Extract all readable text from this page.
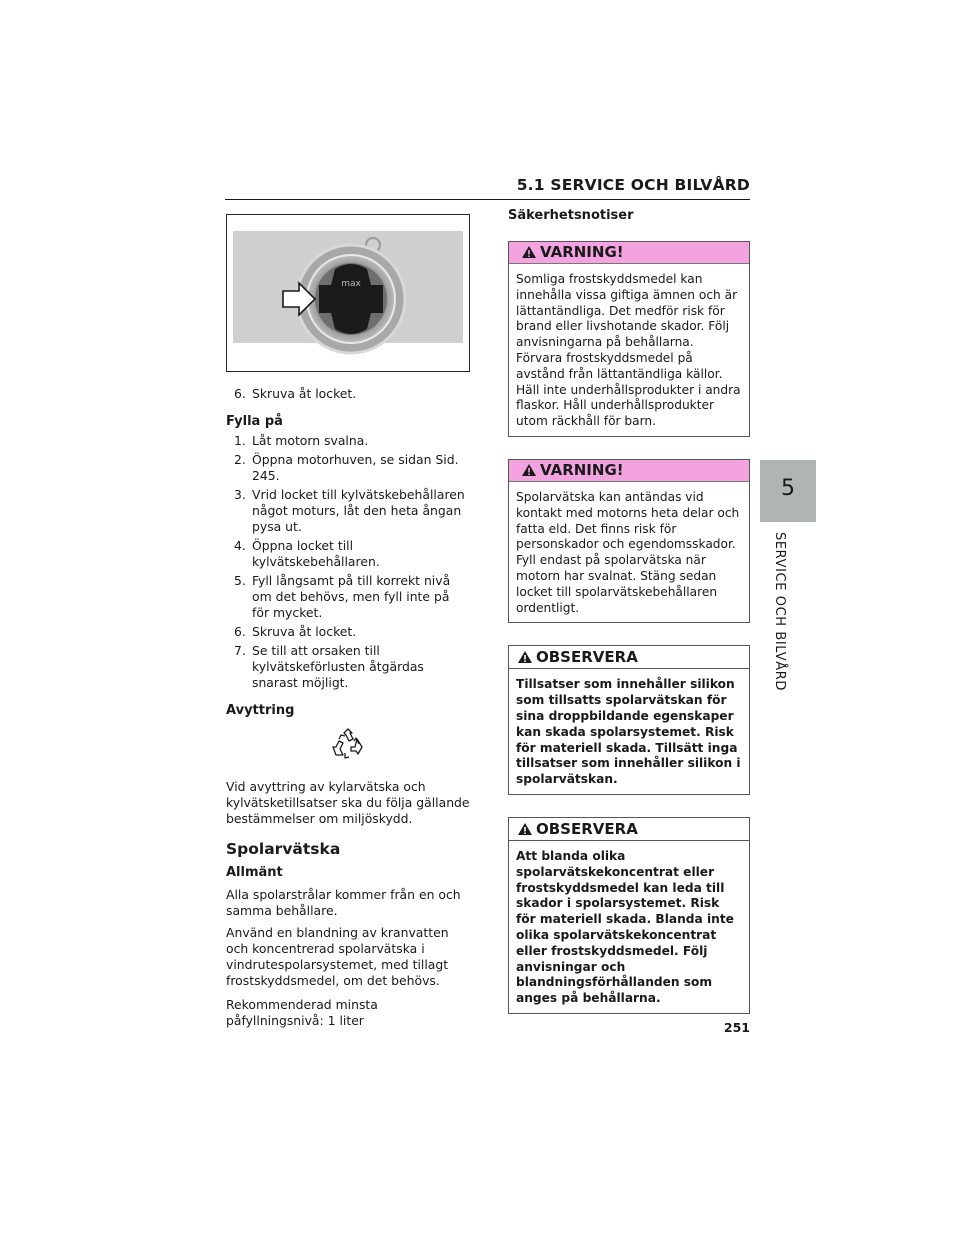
5.1 SERVICE OCH BILVÅRD
5
SERVICE OCH BILVÅRD
max
6. Skruva åt locket.

Fylla på

1. Låt motorn svalna.
2. Öppna motorhuven, se sidan Sid. 245.
3. Vrid locket till kylvätskebehållaren något moturs, låt den heta ångan pysa ut.
4. Öppna locket till kylvätskebehållaren.
5. Fyll långsamt på till korrekt nivå om det behövs, men fyll inte på för mycket.
6. Skruva åt locket.
7. Se till att orsaken till kylvätskeförlusten åtgärdas snarast möjligt.

Avyttring

Vid avyttring av kylarvätska och kylvätsketillsatser ska du följa gällande bestämmelser om miljöskydd.

Spolarvätska

Allmänt

Alla spolarstrålar kommer från en och samma behållare.

Använd en blandning av kranvatten och koncentrerad spolarvätska i vindrutespolarsystemet, med tillagt frostskyddsmedel, om det behövs.

Rekommenderad minsta påfyllningsnivå: 1 liter

Säkerhetsnotiser

VARNING!

Somliga frostskyddsmedel kan innehålla vissa giftiga ämnen och är lättantändliga. Det medför risk för brand eller livshotande skador. Följ anvisningarna på behållarna. Förvara frostskyddsmedel på avstånd från lättantändliga källor. Häll inte underhållsprodukter i andra flaskor. Håll underhållsprodukter utom räckhåll för barn.

VARNING!

Spolarvätska kan antändas vid kontakt med motorns heta delar och fatta eld. Det finns risk för personskador och egendomsskador. Fyll endast på spolarvätska när motorn har svalnat. Stäng sedan locket till spolarvätskebehållaren ordentligt.

OBSERVERA

Tillsatser som innehåller silikon som tillsatts spolarvätskan för sina droppbildande egenskaper kan skada spolarsystemet. Risk för materiell skada. Tillsätt inga tillsatser som innehåller silikon i spolarvätskan.

OBSERVERA

Att blanda olika spolarvätskekoncentrat eller frostskyddsmedel kan leda till skador i spolarsystemet. Risk för materiell skada. Blanda inte olika spolarvätskekoncentrat eller frostskyddsmedel. Följ anvisningar och blandningsförhållanden som anges på behållarna.

251
